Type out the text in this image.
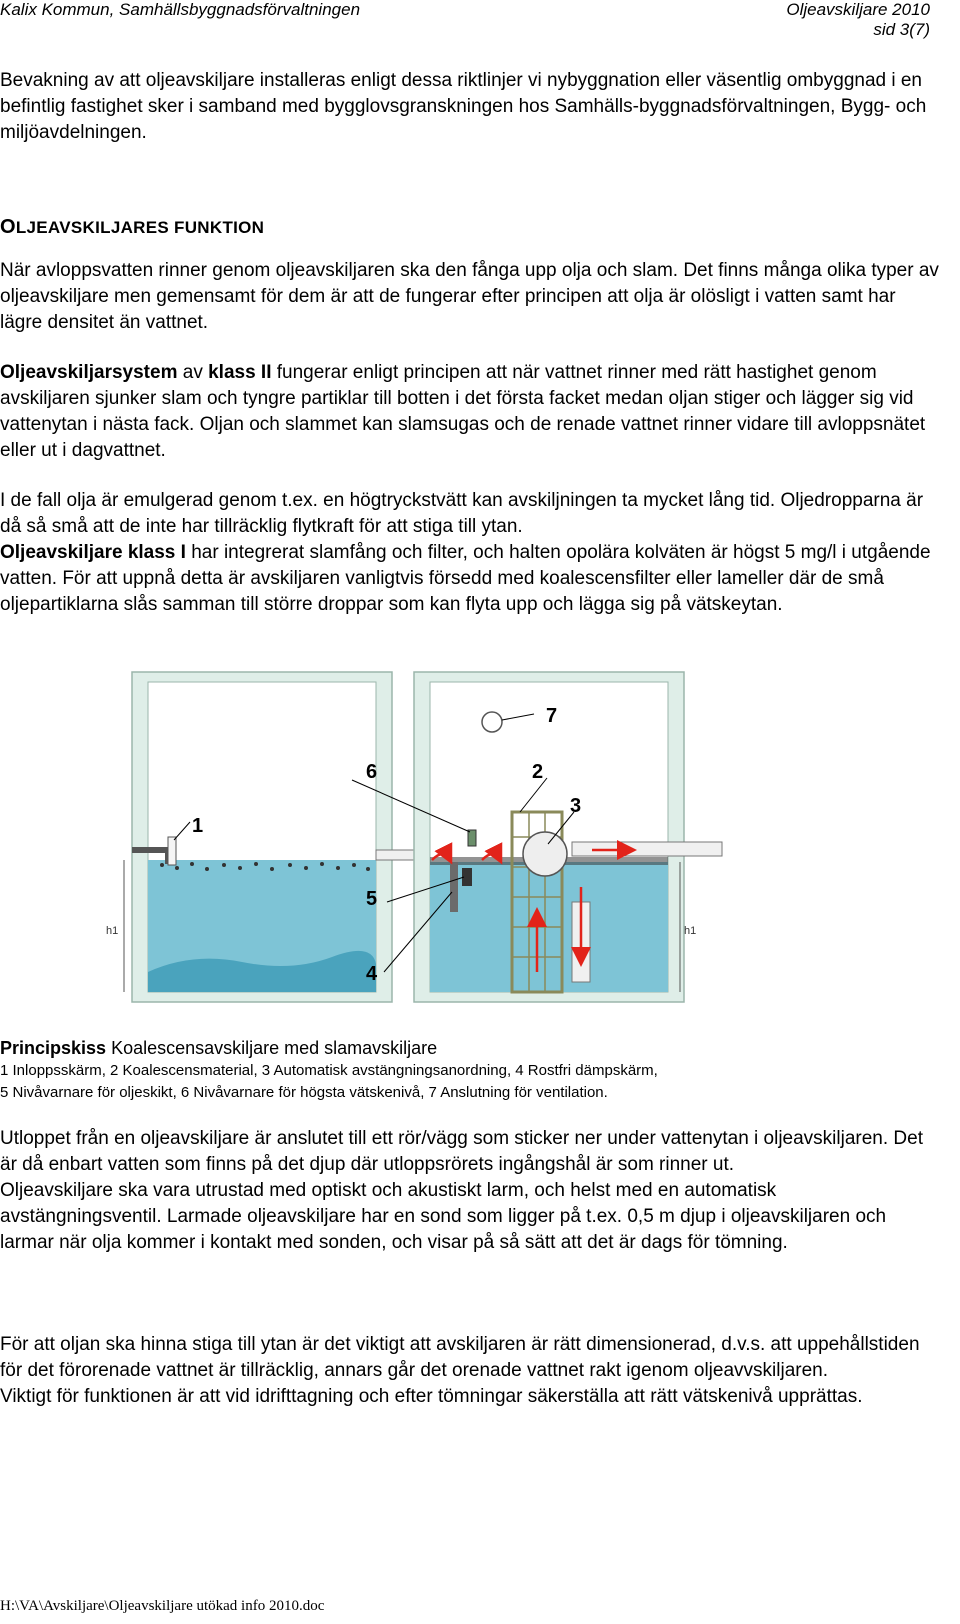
Kalix Kommun, Samhällsbyggnadsförvaltningen	Oljeavskiljare 2010
sid 3(7)

Bevakning av att oljeavskiljare installeras enligt dessa riktlinjer vi nybyggnation eller väsentlig ombyggnad i en befintlig fastighet sker i samband med bygglovsgranskningen hos Samhälls-byggnadsförvaltningen, Bygg- och miljöavdelningen.

OLJEAVSKILJARES FUNKTION

När avloppsvatten rinner genom oljeavskiljaren ska den fånga upp olja och slam. Det finns många olika typer av oljeavskiljare men gemensamt för dem är att de fungerar efter principen att olja är olösligt i vatten samt har lägre densitet än vattnet.

Oljeavskiljarsystem av klass II fungerar enligt principen att när vattnet rinner med rätt hastighet genom avskiljaren sjunker slam och tyngre partiklar till botten i det första facket medan oljan stiger och lägger sig vid vattenytan i nästa fack. Oljan och slammet kan slamsugas och de renade vattnet rinner vidare till avloppsnätet eller ut i dagvattnet.

I de fall olja är emulgerad genom t.ex. en högtryckstvätt kan avskiljningen ta mycket lång tid. Oljedropparna är då så små att de inte har tillräcklig flytkraft för att stiga till ytan.

Oljeavskiljare klass I har integrerat slamfång och filter, och halten opolära kolväten är högst 5 mg/l i utgående vatten. För att uppnå detta är avskiljaren vanligtvis försedd med koalescensfilter eller lameller där de små oljepartiklarna slås samman till större droppar som kan flyta upp och lägga sig på vätskeytan.

h1	h1
1
2
3
4
5
6
7
Principskiss Koalescensavskiljare med slamavskiljare
1 Inloppsskärm, 2 Koalescensmaterial, 3 Automatisk avstängningsanordning, 4 Rostfri dämpskärm,
5 Nivåvarnare för oljeskikt, 6 Nivåvarnare för högsta vätskenivå, 7 Anslutning för ventilation.

Utloppet från en oljeavskiljare är anslutet till ett rör/vägg som sticker ner under vattenytan i oljeavskiljaren. Det är då enbart vatten som finns på det djup där utloppsrörets ingångshål är som rinner ut.

Oljeavskiljare ska vara utrustad med optiskt och akustiskt larm, och helst med en automatisk avstängningsventil. Larmade oljeavskiljare har en sond som ligger på t.ex. 0,5 m djup i oljeavskiljaren och larmar när olja kommer i kontakt med sonden, och visar på så sätt att det är dags för tömning.

För att oljan ska hinna stiga till ytan är det viktigt att avskiljaren är rätt dimensionerad, d.v.s. att uppehållstiden för det förorenade vattnet är tillräcklig, annars går det orenade vattnet rakt igenom oljeavvskiljaren.

Viktigt för funktionen är att vid idrifttagning och efter tömningar säkerställa att rätt vätskenivå upprättas.

H:\VA\Avskiljare\Oljeavskiljare utökad info 2010.doc
